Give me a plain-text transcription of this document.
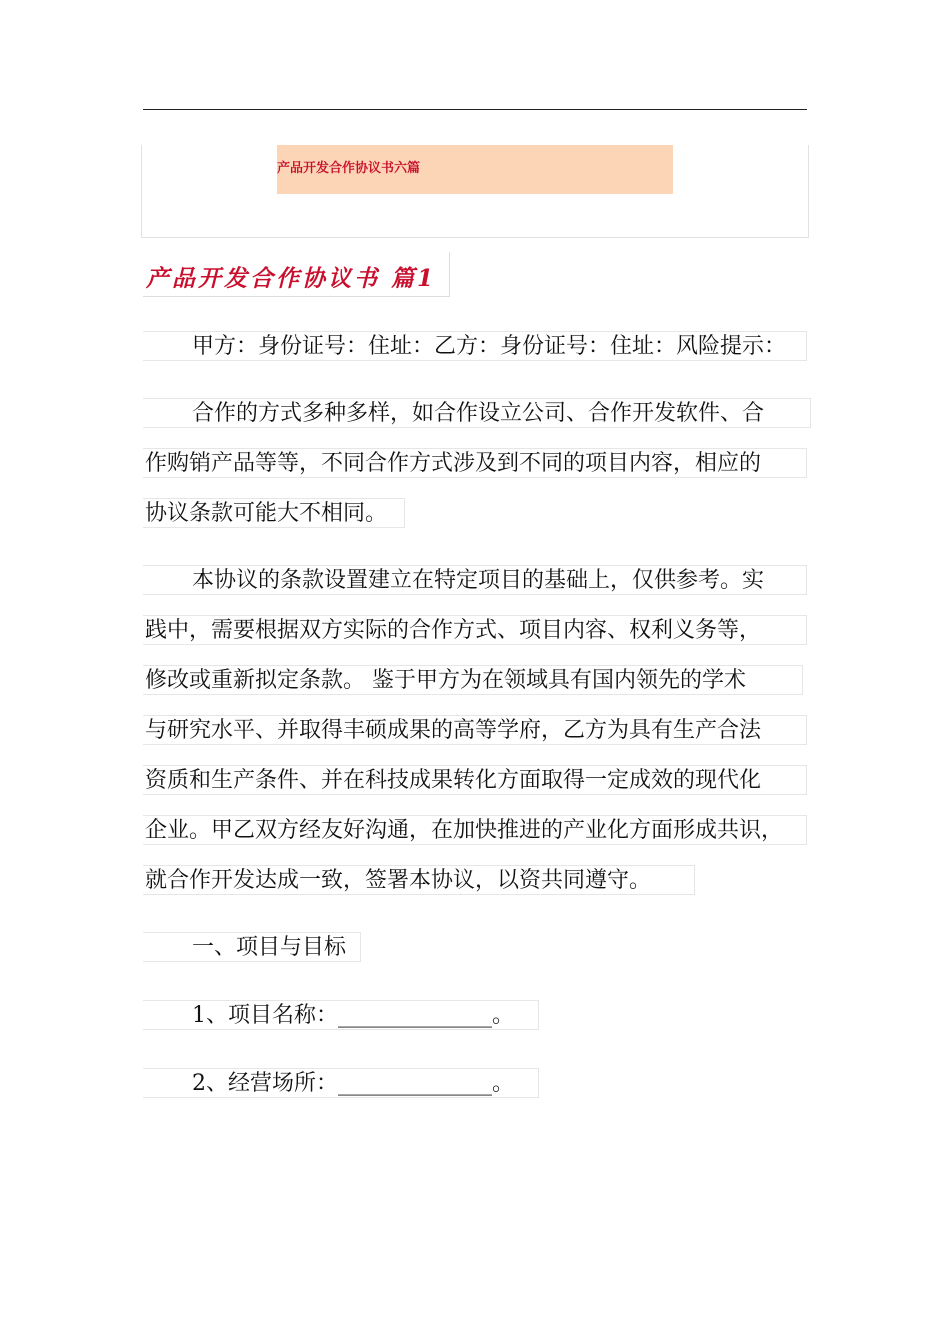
产品开发合作协议书六篇
产品开发合作协议书 篇1
甲方：身份证号：住址：乙方：身份证号：住址：风险提示：
合作的方式多种多样，如合作设立公司、合作开发软件、合
作购销产品等等，不同合作方式涉及到不同的项目内容，相应的
协议条款可能大不相同。
本协议的条款设置建立在特定项目的基础上，仅供参考。实
践中，需要根据双方实际的合作方式、项目内容、权利义务等，
修改或重新拟定条款。 鉴于甲方为在领域具有国内领先的学术
与研究水平、并取得丰硕成果的高等学府，乙方为具有生产合法
资质和生产条件、并在科技成果转化方面取得一定成效的现代化
企业。甲乙双方经友好沟通，在加快推进的产业化方面形成共识，
就合作开发达成一致，签署本协议，以资共同遵守。
一、项目与目标
1、项目名称：______________。
2、经营场所：______________。
